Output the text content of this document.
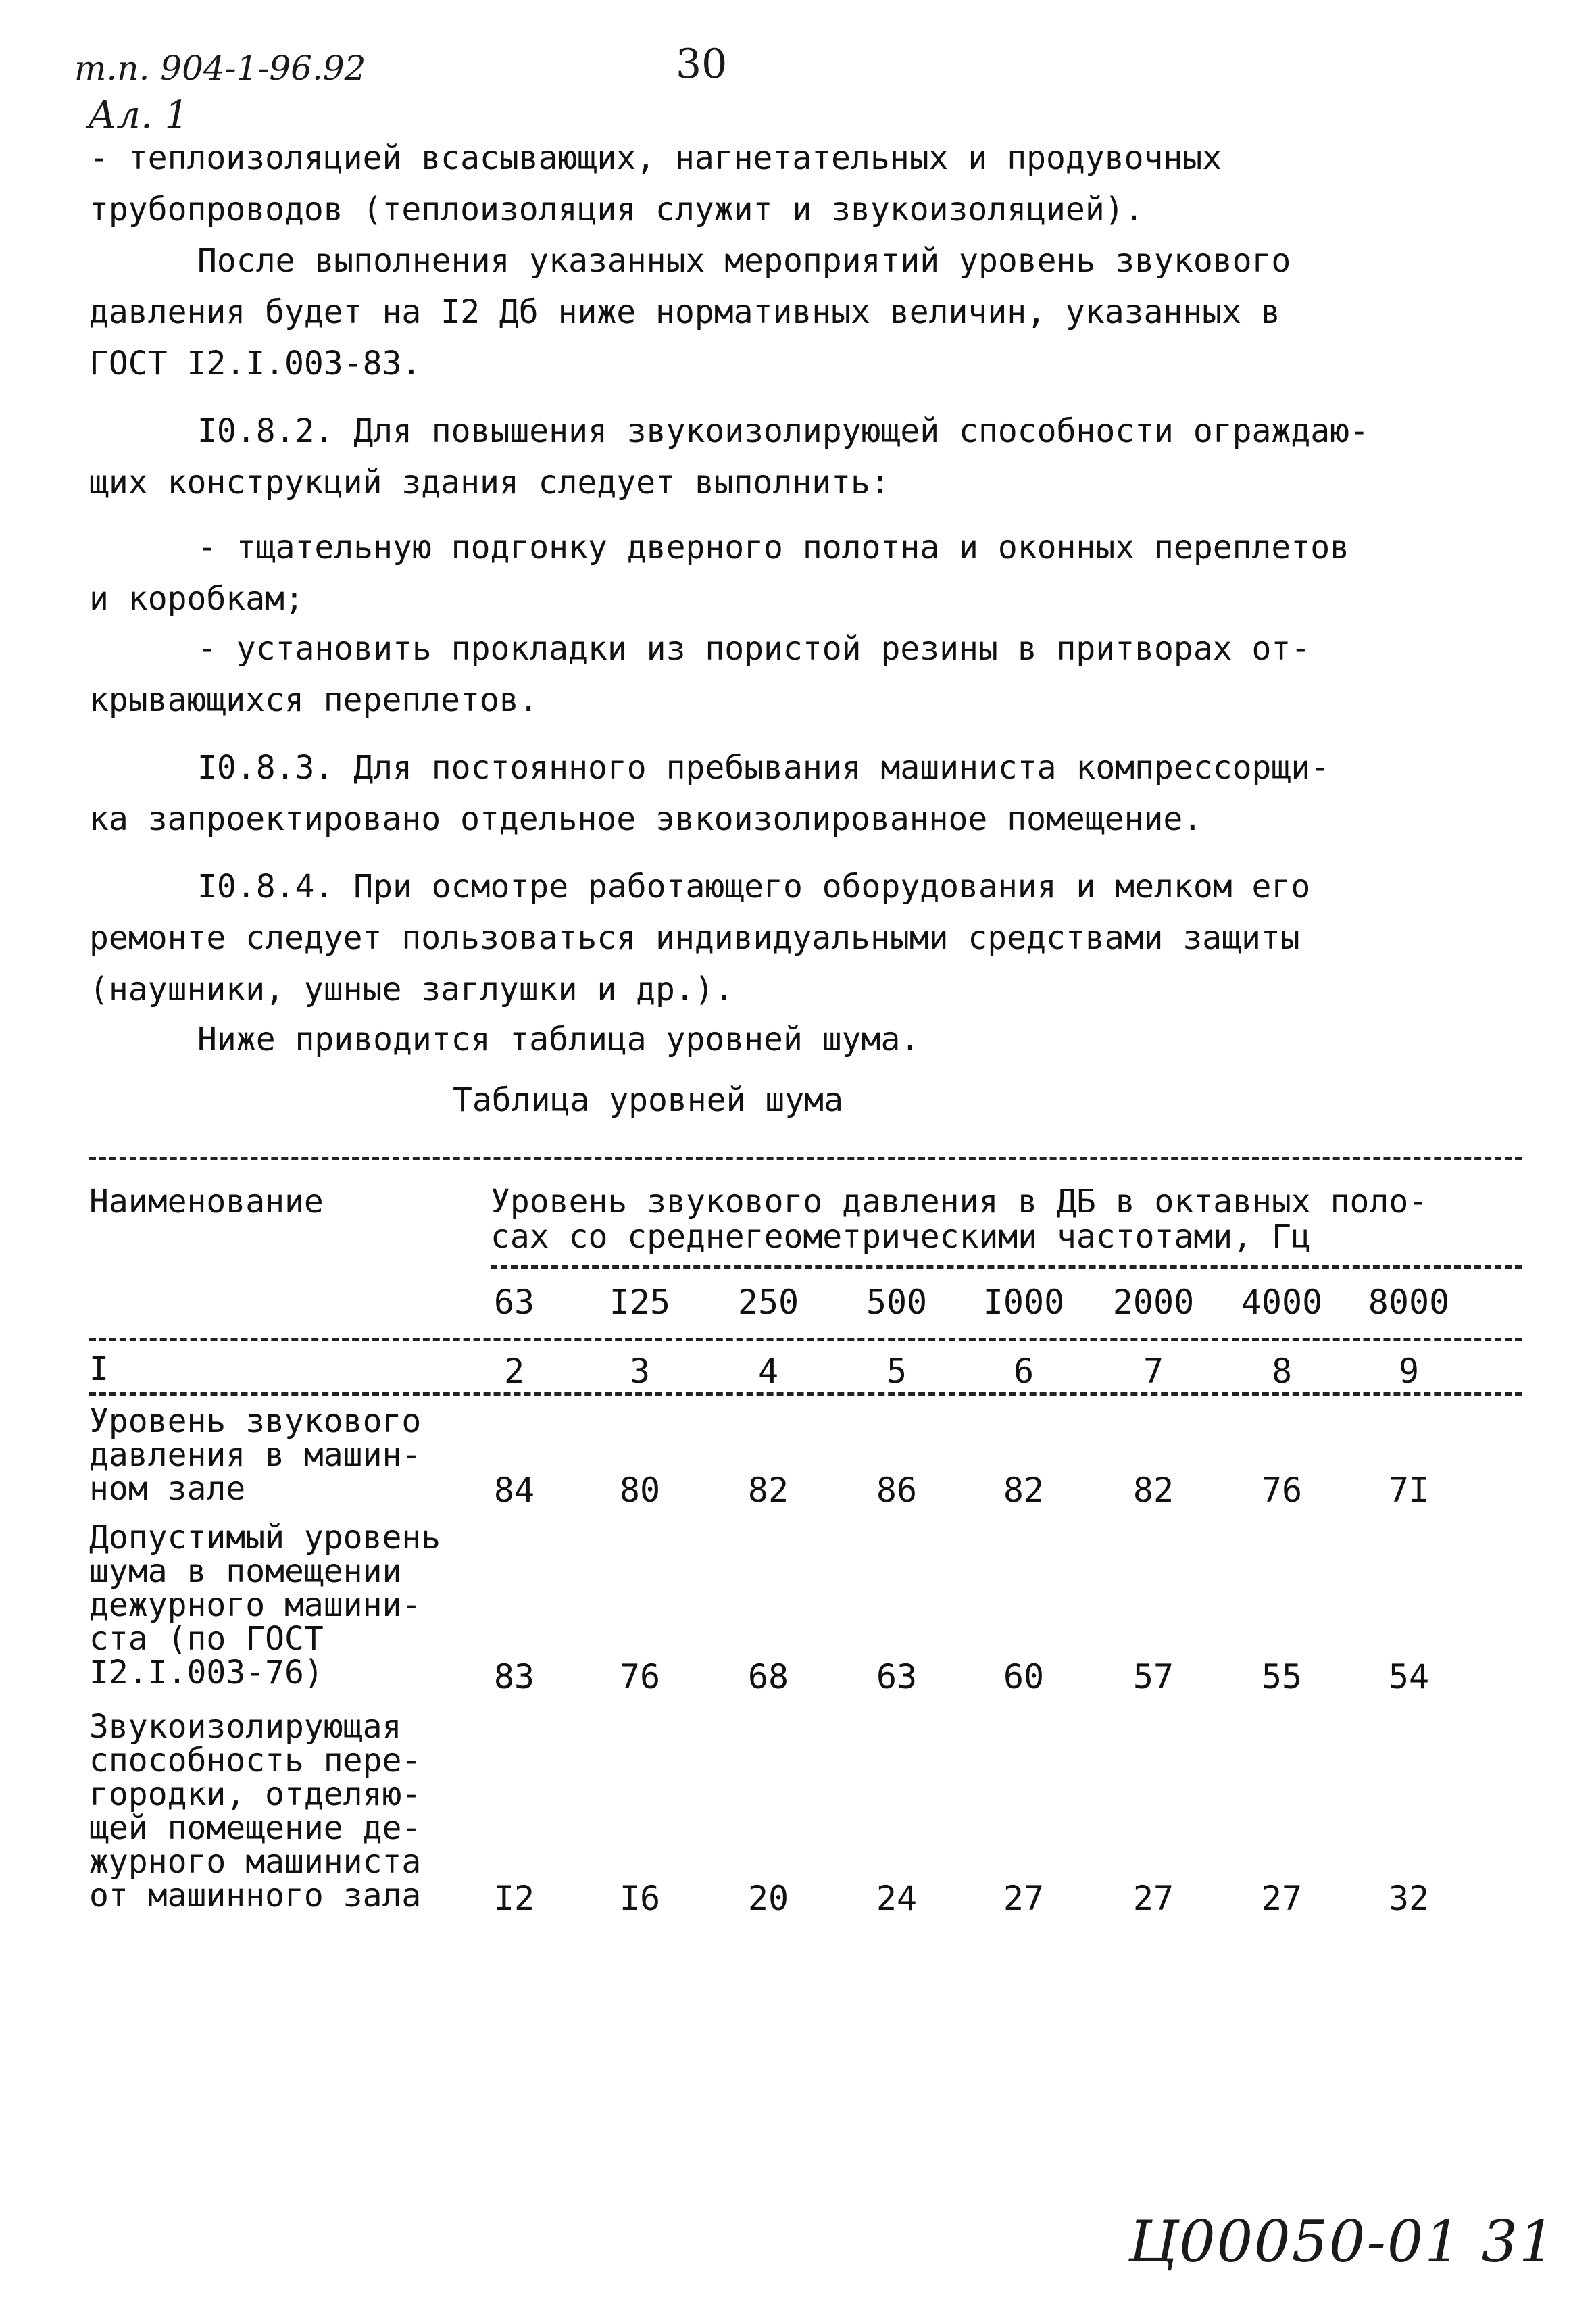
т.п. 904-1-96.92
Ал. 1
30
- теплоизоляцией всасывающих, нагнетательных и продувочных
трубопроводов (теплоизоляция служит и звукоизоляцией).
После выполнения указанных мероприятий уровень звукового
давления будет на I2 Дб ниже нормативных величин, указанных в
ГОСТ I2.I.003-83.
I0.8.2. Для повышения звукоизолирующей способности ограждаю-
щих конструкций здания следует выполнить:
- тщательную подгонку дверного полотна и оконных переплетов
и коробкам;
- установить прокладки из пористой резины в притворах от-
крывающихся переплетов.
I0.8.3. Для постоянного пребывания машиниста компрессорщи-
ка запроектировано отдельное эвкоизолированное помещение.
I0.8.4. При осмотре работающего оборудования и мелком его
ремонте следует пользоваться индивидуальными средствами защиты
(наушники, ушные заглушки и др.).
Ниже приводится таблица уровней шума.
Таблица уровней шума
Наименование	Уровень звукового давления в ДБ в октавных поло-
сах со среднегеометрическими частотами, Гц
63	I25	250	500	I000 2000 4000 8000
I	2	3	4	5	6	7	8	9
Уровень звукового
давления в машин-
ном зале	84	80	82	86	82	82	76	7I
Допустимый уровень
шума в помещении
дежурного машини-
ста (по ГОСТ
I2.I.003-76)	83	76	68	63	60	57	55	54
Звукоизолирующая
способность пере-
городки, отделяю-
щей помещение де-
журного машиниста
от машинного зала	I2	I6	20	24	27	27	27	32
Ц00050-01 31
